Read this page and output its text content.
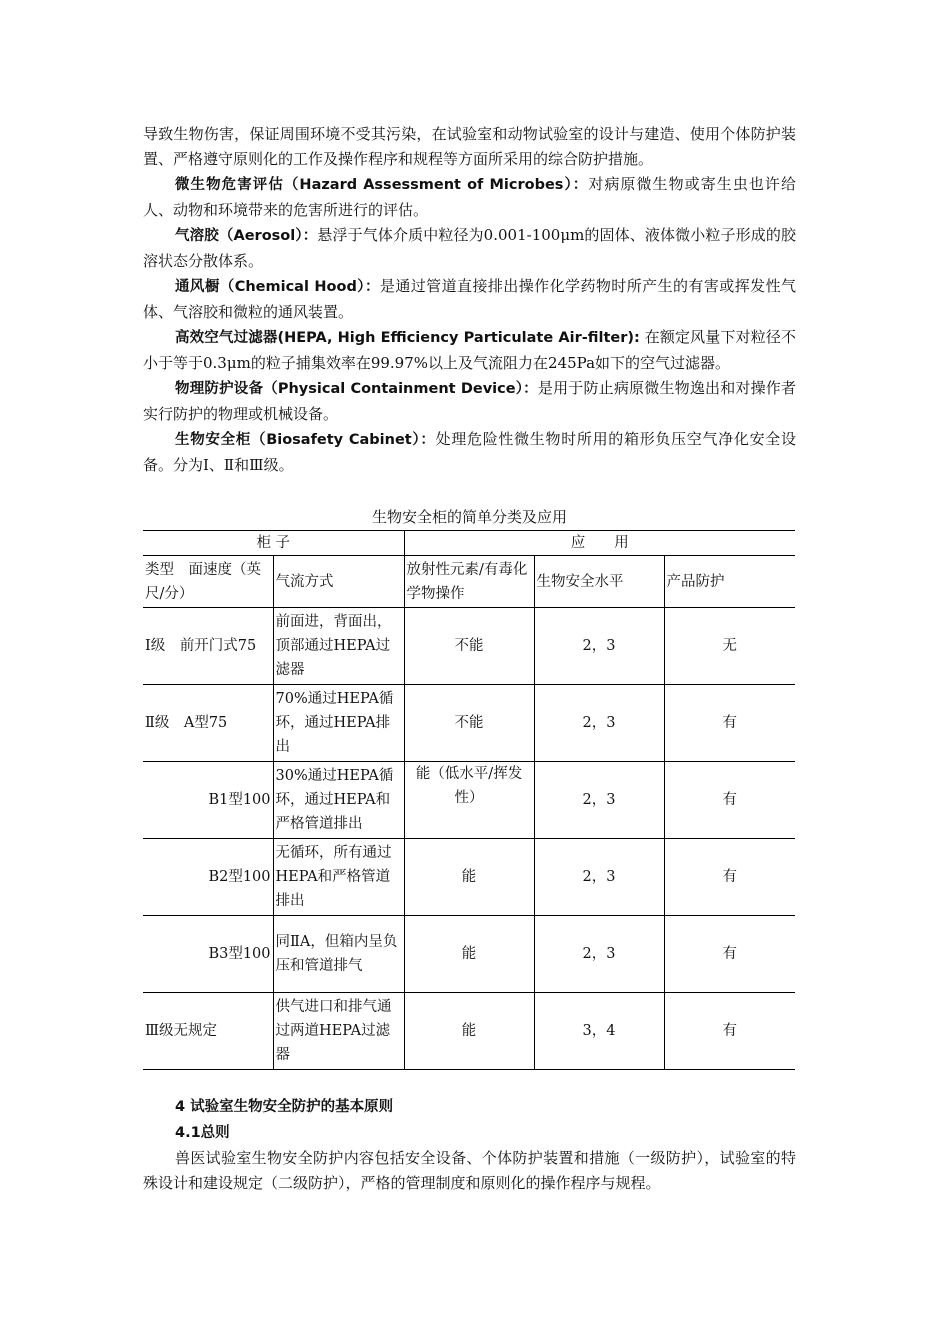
导致生物伤害，保证周围环境不受其污染，在试验室和动物试验室的设计与建造、使用个体防护装置、严格遵守原则化的工作及操作程序和规程等方面所采用的综合防护措施。

微生物危害评估（Hazard Assessment of Microbes）：对病原微生物或寄生虫也许给人、动物和环境带来的危害所进行的评估。

气溶胶（Aerosol）：悬浮于气体介质中粒径为0.001-100μm的固体、液体微小粒子形成的胶溶状态分散体系。

通风橱（Chemical Hood）：是通过管道直接排出操作化学药物时所产生的有害或挥发性气体、气溶胶和微粒的通风装置。

高效空气过滤器(HEPA, High Efficiency Particulate Air-filter): 在额定风量下对粒径不小于等于0.3μm的粒子捕集效率在99.97%以上及气流阻力在245Pa如下的空气过滤器。

物理防护设备（Physical Containment Device）：是用于防止病原微生物逸出和对操作者实行防护的物理或机械设备。

生物安全柜（Biosafety Cabinet）：处理危险性微生物时所用的箱形负压空气净化安全设备。分为Ⅰ、Ⅱ和Ⅲ级。

生物安全柜的简单分类及应用
柜 子		应　　用		
类型　面速度（英尺/分）	气流方式	放射性元素/有毒化学物操作	生物安全水平	产品防护
Ⅰ级　前开门式75	前面进，背面出，顶部通过HEPA过滤器	不能	2，3	无
Ⅱ级　A型75	70%通过HEPA循环，通过HEPA排出	不能	2，3	有
B1型100	30%通过HEPA循环，通过HEPA和严格管道排出	能（低水平/挥发性）	2，3	有
B2型100	无循环，所有通过HEPA和严格管道排出	能	2，3	有
B3型100	同ⅡA，但箱内呈负压和管道排气	能	2，3	有
Ⅲ级无规定	供气进口和排气通过两道HEPA过滤器	能	3，4	有
4 试验室生物安全防护的基本原则
4.1总则

兽医试验室生物安全防护内容包括安全设备、个体防护装置和措施（一级防护），试验室的特殊设计和建设规定（二级防护），严格的管理制度和原则化的操作程序与规程。
